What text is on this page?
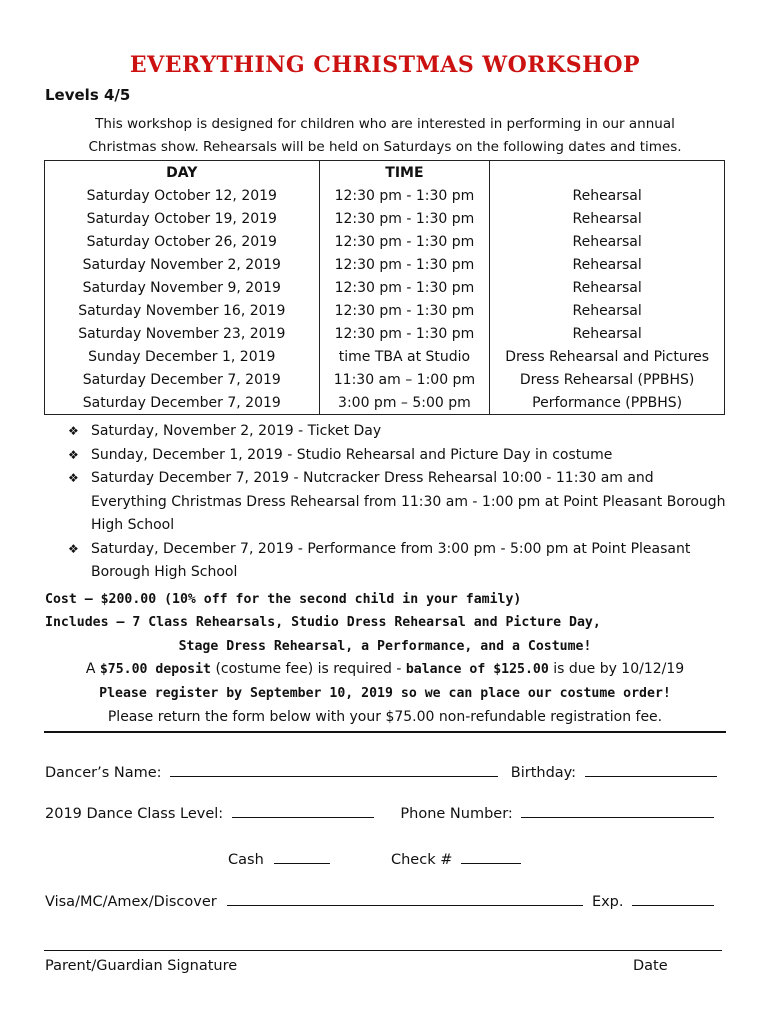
EVERYTHING CHRISTMAS WORKSHOP
Levels 4/5
This workshop is designed for children who are interested in performing in our annual
Christmas show. Rehearsals will be held on Saturdays on the following dates and times.
DAY	TIME	
Saturday October 12, 2019	12:30 pm - 1:30 pm	Rehearsal
Saturday October 19, 2019	12:30 pm - 1:30 pm	Rehearsal
Saturday October 26, 2019	12:30 pm - 1:30 pm	Rehearsal
Saturday November 2, 2019	12:30 pm - 1:30 pm	Rehearsal
Saturday November 9, 2019	12:30 pm - 1:30 pm	Rehearsal
Saturday November 16, 2019	12:30 pm - 1:30 pm	Rehearsal
Saturday November 23, 2019	12:30 pm - 1:30 pm	Rehearsal
Sunday December 1, 2019	time TBA at Studio	Dress Rehearsal and Pictures
Saturday December 7, 2019	11:30 am – 1:00 pm	Dress Rehearsal (PPBHS)
Saturday December 7, 2019	3:00 pm – 5:00 pm	Performance (PPBHS)
❖ Saturday, November 2, 2019 - Ticket Day
❖ Sunday, December 1, 2019 - Studio Rehearsal and Picture Day in costume
❖ Saturday December 7, 2019 - Nutcracker Dress Rehearsal 10:00 - 11:30 am and Everything Christmas Dress Rehearsal from 11:30 am - 1:00 pm at Point Pleasant Borough High School
❖ Saturday, December 7, 2019 - Performance from 3:00 pm - 5:00 pm at Point Pleasant Borough High School
Cost – $200.00 (10% off for the second child in your family)
Includes – 7 Class Rehearsals, Studio Dress Rehearsal and Picture Day,
Stage Dress Rehearsal, a Performance, and a Costume!
A $75.00 deposit (costume fee) is required - balance of $125.00 is due by 10/12/19
Please register by September 10, 2019 so we can place our costume order!
Please return the form below with your $75.00 non-refundable registration fee.
Dancer’s Name:	Birthday:
2019 Dance Class Level:	Phone Number:
Cash	Check #
Visa/MC/Amex/Discover	Exp.
Parent/Guardian Signature	Date
